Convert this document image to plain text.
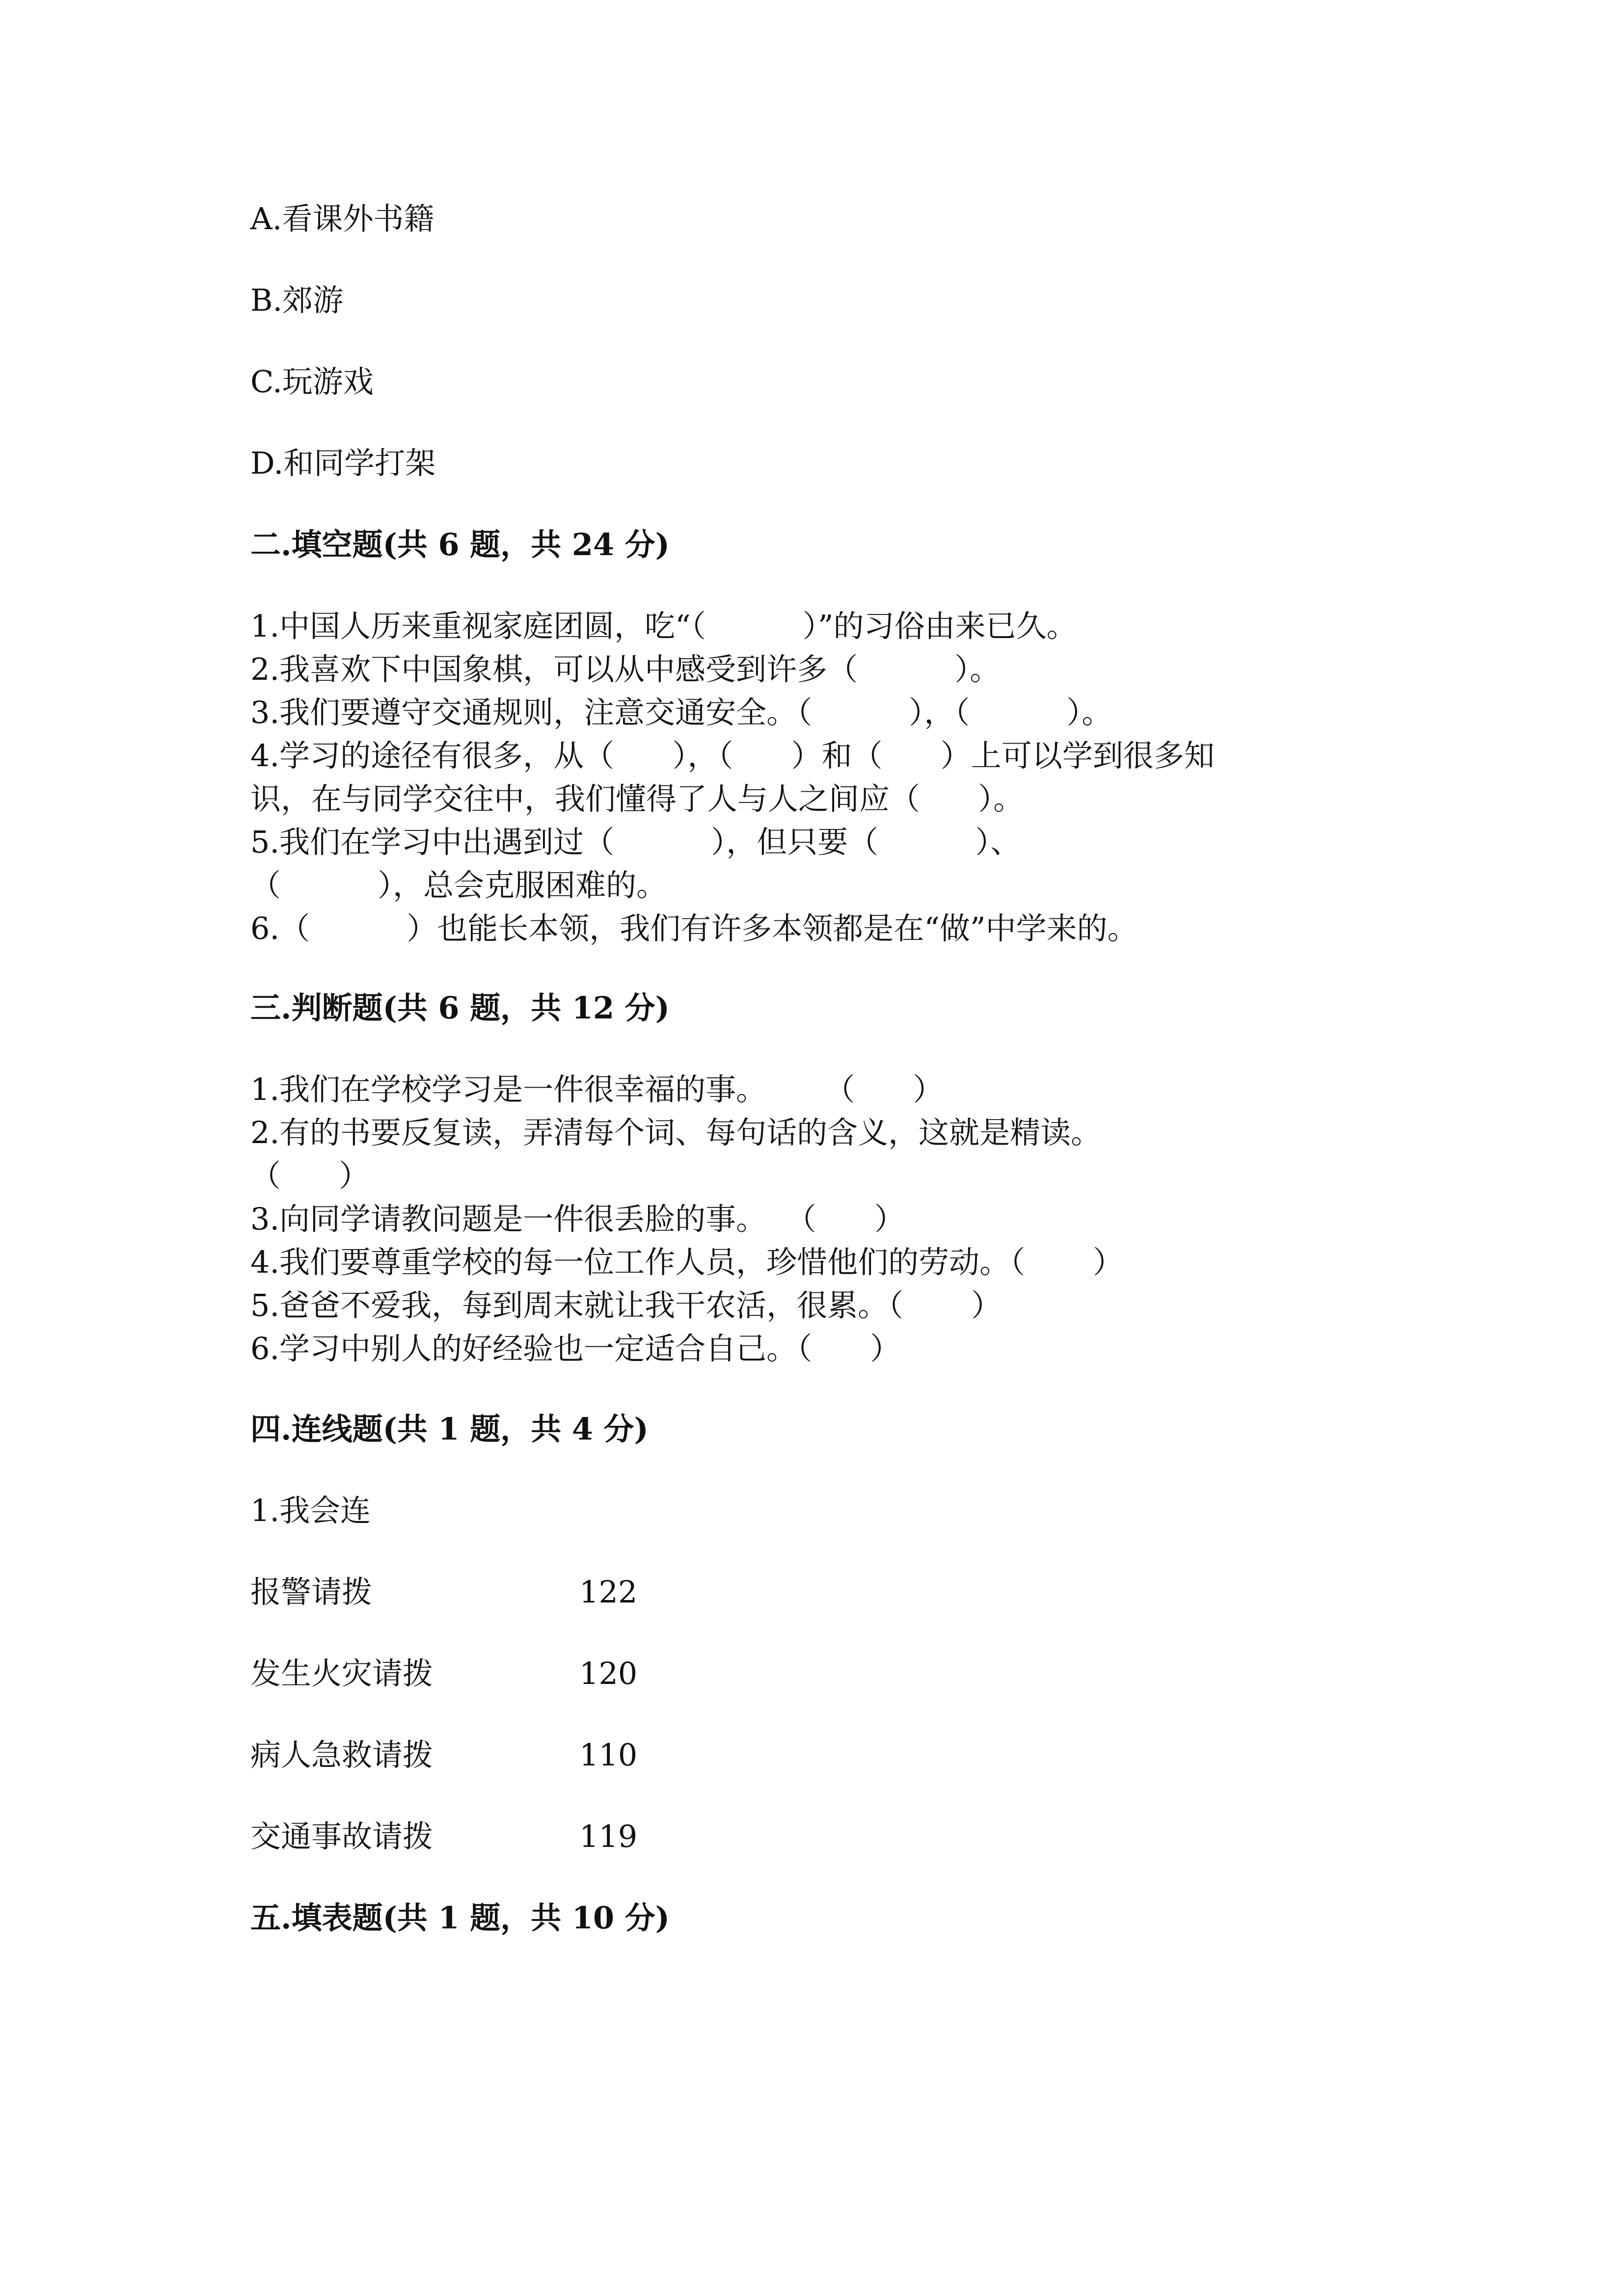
A.看课外书籍

B.郊游

C.玩游戏

D.和同学打架

二.填空题(共 6 题，共 24 分)

1.中国人历来重视家庭团圆，吃“（          ）”的习俗由来已久。

2.我喜欢下中国象棋，可以从中感受到许多（          ）。

3.我们要遵守交通规则，注意交通安全。（          ），（          ）。

4.学习的途径有很多，从（      ），（      ）和（      ）上可以学到很多知

识，在与同学交往中，我们懂得了人与人之间应（      ）。

5.我们在学习中出遇到过（          ），但只要（          ）、

（          ），总会克服困难的。

6.（          ）也能长本领，我们有许多本领都是在“做”中学来的。

三.判断题(共 6 题，共 12 分)

1.我们在学校学习是一件很幸福的事。      （      ）

2.有的书要反复读，弄清每个词、每句话的含义，这就是精读。

（      ）

3.向同学请教问题是一件很丢脸的事。  （      ）

4.我们要尊重学校的每一位工作人员，珍惜他们的劳动。（       ）

5.爸爸不爱我，每到周末就让我干农活，很累。（       ）

6.学习中别人的好经验也一定适合自己。（      ）

四.连线题(共 1 题，共 4 分)

1.我会连

报警请拨	122

发生火灾请拨	120

病人急救请拨	110

交通事故请拨	119

五.填表题(共 1 题，共 10 分)
